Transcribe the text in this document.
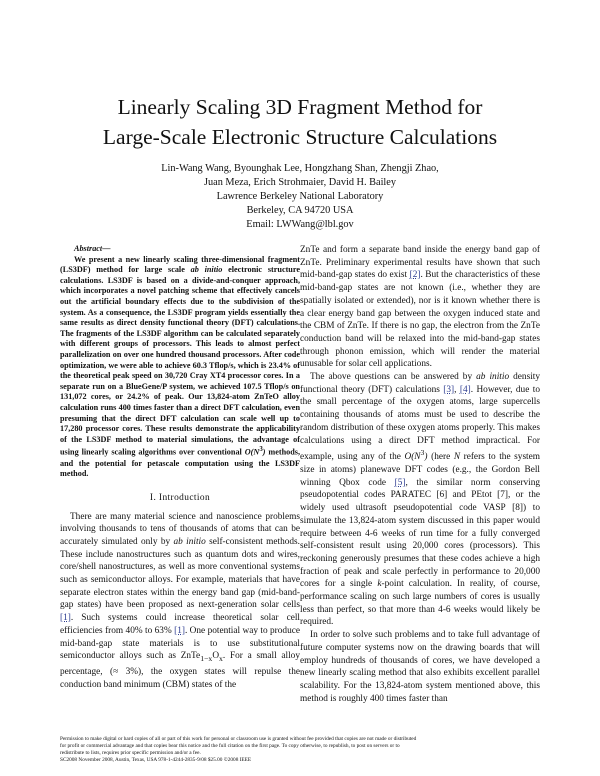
Linearly Scaling 3D Fragment Method for
Large-Scale Electronic Structure Calculations
Lin-Wang Wang, Byounghak Lee, Hongzhang Shan, Zhengji Zhao,
Juan Meza, Erich Strohmaier, David H. Bailey
Lawrence Berkeley National Laboratory
Berkeley, CA 94720 USA
Email: LWWang@lbl.gov

Abstract—

We present a new linearly scaling three-dimensional fragment (LS3DF) method for large scale ab initio electronic structure calculations. LS3DF is based on a divide-and-conquer approach, which incorporates a novel patching scheme that effectively cancels out the artificial boundary effects due to the subdivision of the system. As a consequence, the LS3DF program yields essentially the same results as direct density functional theory (DFT) calculations. The fragments of the LS3DF algorithm can be calculated separately with different groups of processors. This leads to almost perfect parallelization on over one hundred thousand processors. After code optimization, we were able to achieve 60.3 Tflop/s, which is 23.4% of the theoretical peak speed on 30,720 Cray XT4 processor cores. In a separate run on a BlueGene/P system, we achieved 107.5 Tflop/s on 131,072 cores, or 24.2% of peak. Our 13,824-atom ZnTeO alloy calculation runs 400 times faster than a direct DFT calculation, even presuming that the direct DFT calculation can scale well up to 17,280 processor cores. These results demonstrate the applicability of the LS3DF method to material simulations, the advantage of using linearly scaling algorithms over conventional $O(N^3)$ methods, and the potential for petascale computation using the LS3DF method.

I. Introduction

There are many material science and nanoscience problems involving thousands to tens of thousands of atoms that can be accurately simulated only by ab initio self-consistent methods. These include nanostructures such as quantum dots and wires, core/shell nanostructures, as well as more conventional systems such as semiconductor alloys. For example, materials that have separate electron states within the energy band gap (mid-band-gap states) have been proposed as next-generation solar cells [1]. Such systems could increase theoretical solar cell efficiencies from 40% to 63% [1]. One potential way to produce mid-band-gap state materials is to use substitutional semiconductor alloys such as $ZnTe_{1-x}O_x$. For a small alloy percentage, (≈ 3%), the oxygen states will repulse the conduction band minimum (CBM) states of the

ZnTe and form a separate band inside the energy band gap of ZnTe. Preliminary experimental results have shown that such mid-band-gap states do exist [2]. But the characteristics of these mid-band-gap states are not known (i.e., whether they are spatially isolated or extended), nor is it known whether there is a clear energy band gap between the oxygen induced state and the CBM of ZnTe. If there is no gap, the electron from the ZnTe conduction band will be relaxed into the mid-band-gap states through phonon emission, which will render the material unusable for solar cell applications.

The above questions can be answered by ab initio density functional theory (DFT) calculations [3], [4]. However, due to the small percentage of the oxygen atoms, large supercells containing thousands of atoms must be used to describe the random distribution of these oxygen atoms properly. This makes calculations using a direct DFT method impractical. For example, using any of the $O(N^3)$ (here N refers to the system size in atoms) planewave DFT codes (e.g., the Gordon Bell winning Qbox code [5], the similar norm conserving pseudopotential codes PARATEC [6] and PEtot [7], or the widely used ultrasoft pseudopotential code VASP [8]) to simulate the 13,824-atom system discussed in this paper would require between 4-6 weeks of run time for a fully converged self-consistent result using 20,000 cores (processors). This reckoning generously presumes that these codes achieve a high fraction of peak and scale perfectly in performance to 20,000 cores for a single k-point calculation. In reality, of course, performance scaling on such large numbers of cores is usually less than perfect, so that more than 4-6 weeks would likely be required.

In order to solve such problems and to take full advantage of future computer systems now on the drawing boards that will employ hundreds of thousands of cores, we have developed a new linearly scaling method that also exhibits excellent parallel scalability. For the 13,824-atom system mentioned above, this method is roughly 400 times faster than

Permission to make digital or hard copies of all or part of this work for personal or classroom use is granted without fee provided that copies are not made or distributed
for profit or commercial advantage and that copies bear this notice and the full citation on the first page. To copy otherwise, to republish, to post on servers or to
redistribute to lists, requires prior specific permission and/or a fee.
SC2008 November 2008, Austin, Texas, USA 978-1-4244-2835-9/08 $25.00 ©2008 IEEE
